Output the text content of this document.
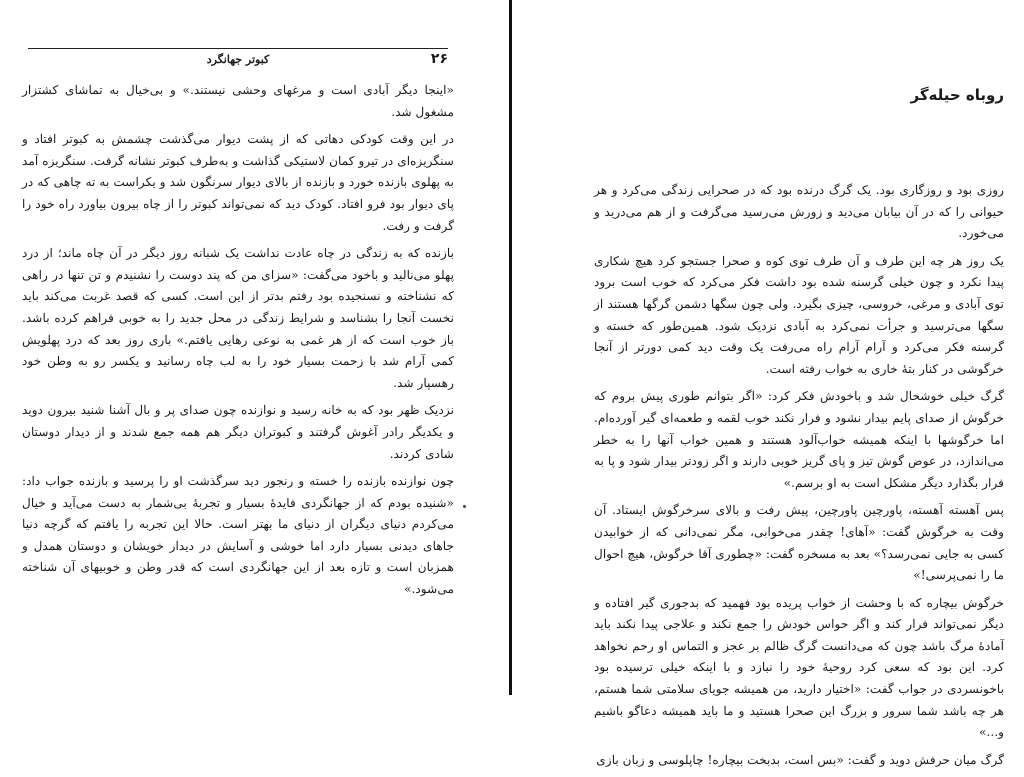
۲۶
کبوتر جهانگرد

«اینجا دیگر آبادی است و مرغهای وحشی نیستند.» و بی‌خیال به تماشای کشتزار مشغول شد.

در این وقت کودکی دهاتی که از پشت دیوار می‌گذشت چشمش به کبوتر افتاد و سنگریزه‌ای در تیرو کمان لاستیکی گذاشت و به‌طرف کبوتر نشانه گرفت. سنگریزه آمد به پهلوی بازنده خورد و بازنده از بالای دیوار سرنگون شد و یکراست به ته چاهی که در پای دیوار بود فرو افتاد. کودک دید که نمی‌تواند کبوتر را از چاه بیرون بیاورد راه خود را گرفت و رفت.

بازنده که به زندگی در چاه عادت نداشت یک شبانه روز دیگر در آن چاه ماند؛ از درد پهلو می‌نالید و باخود می‌گفت: «سزای من که پند دوست را نشنیدم و تن تنها در راهی که نشناخته و نسنجیده بود رفتم بدتر از این است. کسی که قصد غربت می‌کند باید نخست آنجا را بشناسد و شرایط زندگی در محل جدید را به خوبی فراهم کرده باشد. باز خوب است که از هر غمی به نوعی رهایی یافتم.» باری روز بعد که درد پهلویش کمی آرام شد با زحمت بسیار خود را به لب چاه رسانید و یکسر رو به وطن خود رهسپار شد.

نزدیک ظهر بود که به خانه رسید و نوازنده چون صدای پر و بال آشنا شنید بیرون دوید و یکدیگر رادر آغوش گرفتند و کبوتران دیگر هم همه جمع شدند و از دیدار دوستان شادی کردند.

چون نوازنده بازنده را خسته و رنجور دید سرگذشت او را پرسید و بازنده جواب داد: «شنیده بودم که از جهانگردی فایدهٔ بسیار و تجربهٔ بی‌شمار به دست می‌آید و خیال می‌کردم دنیای دیگران از دنیای ما بهتر است. حالا این تجربه را یافتم که گرچه دنیا جاهای دیدنی بسیار دارد اما خوشی و آسایش در دیدار خویشان و دوستان همدل و همزبان است و تازه بعد از این جهانگردی است که قدر وطن و خوبیهای آن شناخته می‌شود.»

روباه حیله‌گر

روزی بود و روزگاری بود. یک گرگ درنده بود که در صحرایی زندگی می‌کرد و هر حیوانی را که در آن بیابان می‌دید و زورش می‌رسید می‌گرفت و از هم می‌درید و می‌خورد.

یک روز هر چه این طرف و آن طرف توی کوه و صحرا جستجو کرد هیچ شکاری پیدا نکرد و چون خیلی گرسنه شده بود داشت فکر می‌کرد که خوب است برود توی آبادی و مرغی، خروسی، چیزی بگیرد. ولی چون سگها دشمن گرگها هستند از سگها می‌ترسید و جرأت نمی‌کرد به آبادی نزدیک شود. همین‌طور که خسته و گرسنه فکر می‌کرد و آرام آرام راه می‌رفت یک وقت دید کمی دورتر از آنجا خرگوشی در کنار بتهٔ خاری به خواب رفته است.

گرگ خیلی خوشحال شد و باخودش فکر کرد: «اگر بتوانم طوری پیش بروم که خرگوش از صدای پایم بیدار نشود و فرار نکند خوب لقمه و طعمه‌ای گیر آورده‌ام. اما خرگوشها با اینکه همیشه خواب‌آلود هستند و همین خواب آنها را به خطر می‌اندازد، در عوض گوش تیز و پای گریز خوبی دارند و اگر زودتر بیدار شود و پا به فرار بگذارد دیگر مشکل است به او برسم.»

پس آهسته آهسته، پاورچین پاورچین، پیش رفت و بالای سرخرگوش ایستاد. آن وقت به خرگوش گفت: «آهای! چقدر می‌خوابی، مگر نمی‌دانی که از خوابیدن کسی به جایی نمی‌رسد؟» بعد به مسخره گفت: «چطوری آقا خرگوش، هیچ احوال ما را نمی‌پرسی!»

خرگوش بیچاره که با وحشت از خواب پریده بود فهمید که بدجوری گیر افتاده و دیگر نمی‌تواند فرار کند و اگر حواس خودش را جمع نکند و علاجی پیدا نکند باید آمادهٔ مرگ باشد چون که می‌دانست گرگ ظالم بر عجز و التماس او رحم نخواهد کرد. این بود که سعی کرد روحیهٔ خود را نبازد و با اینکه خیلی ترسیده بود باخونسردی در جواب گفت: «اختیار دارید، من همیشه جویای سلامتی شما هستم، هر چه باشد شما سرور و بزرگ این صحرا هستید و ما باید همیشه دعاگو باشیم و...»

گرگ میان حرفش دوید و گفت: «بس است، بدبخت بیچاره! چاپلوسی و زبان بازی
